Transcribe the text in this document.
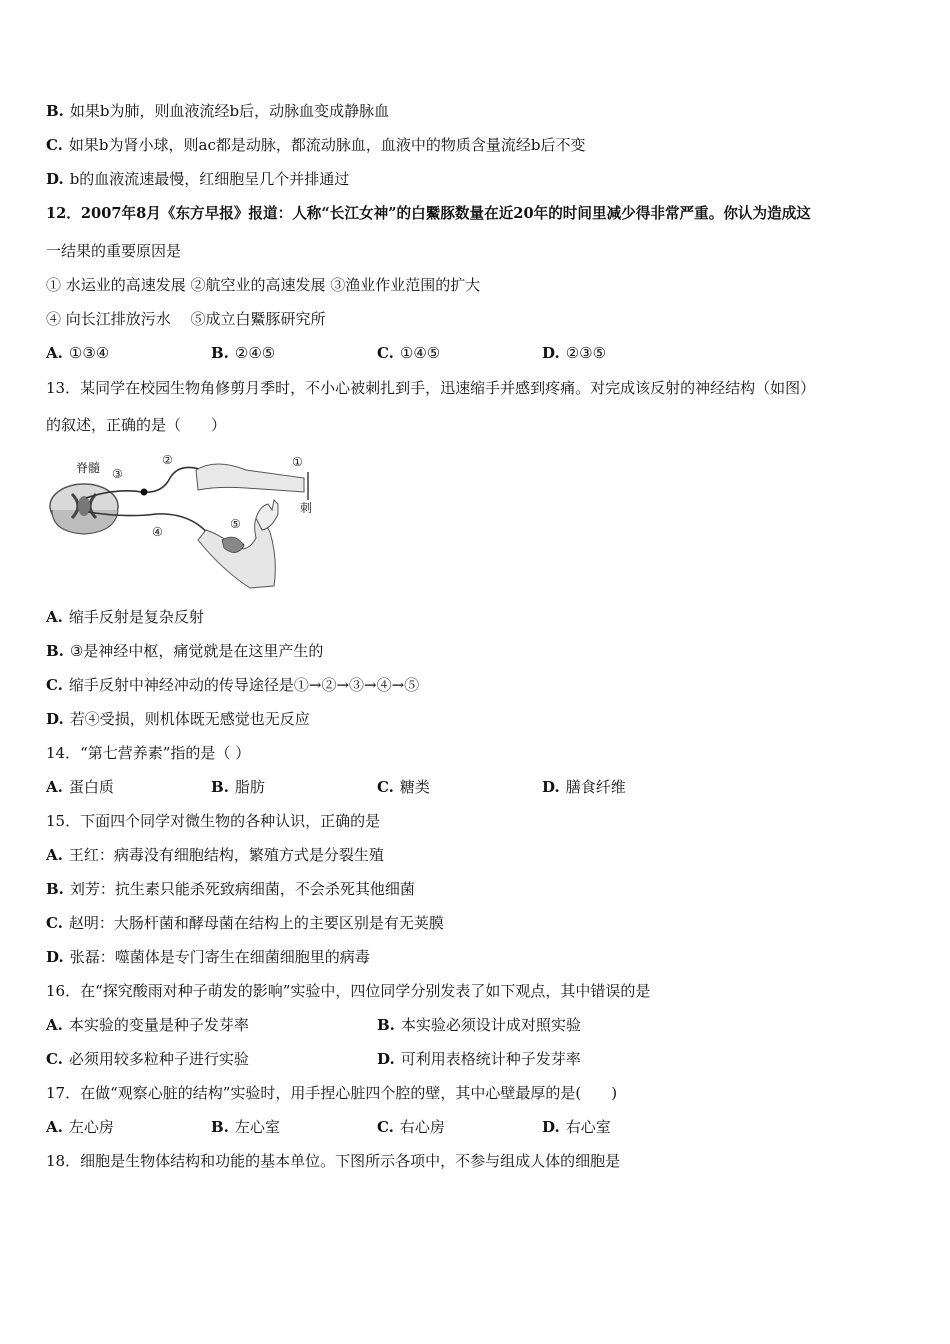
B. 如果b为肺，则血液流经b后，动脉血变成静脉血
C. 如果b为肾小球，则ac都是动脉，都流动脉血，血液中的物质含量流经b后不变
D. b的血液流速最慢，红细胞呈几个并排通过
12．2007年8月《东方早报》报道：人称“长江女神”的白鱀豚数量在近20年的时间里减少得非常严重。你认为造成这
一结果的重要原因是
① 水运业的高速发展 ②航空业的高速发展 ③渔业作业范围的扩大
④ 向长江排放污水　 ⑤成立白鱀豚研究所
A. ①③④	B. ②④⑤	C. ①④⑤	D. ②③⑤
13．某同学在校园生物角修剪月季时，不小心被刺扎到手，迅速缩手并感到疼痛。对完成该反射的神经结构（如图）
的叙述，正确的是（　　）
脊髓 ③
②	①
刺
④
⑤
A. 缩手反射是复杂反射
B. ③是神经中枢，痛觉就是在这里产生的
C. 缩手反射中神经冲动的传导途径是①→②→③→④→⑤
D. 若④受损，则机体既无感觉也无反应
14．“第七营养素”指的是（ ）
A. 蛋白质	B. 脂肪	C. 糖类	D. 膳食纤维
15．下面四个同学对微生物的各种认识，正确的是
A. 王红：病毒没有细胞结构，繁殖方式是分裂生殖
B. 刘芳：抗生素只能杀死致病细菌，不会杀死其他细菌
C. 赵明：大肠杆菌和酵母菌在结构上的主要区别是有无荚膜
D. 张磊：噬菌体是专门寄生在细菌细胞里的病毒
16．在“探究酸雨对种子萌发的影响”实验中，四位同学分别发表了如下观点，其中错误的是
A. 本实验的变量是种子发芽率	B. 本实验必须设计成对照实验
C. 必须用较多粒种子进行实验	D. 可利用表格统计种子发芽率
17．在做“观察心脏的结构”实验时，用手捏心脏四个腔的壁，其中心壁最厚的是(　　)
A. 左心房	B. 左心室	C. 右心房	D. 右心室
18．细胞是生物体结构和功能的基本单位。下图所示各项中，不参与组成人体的细胞是
